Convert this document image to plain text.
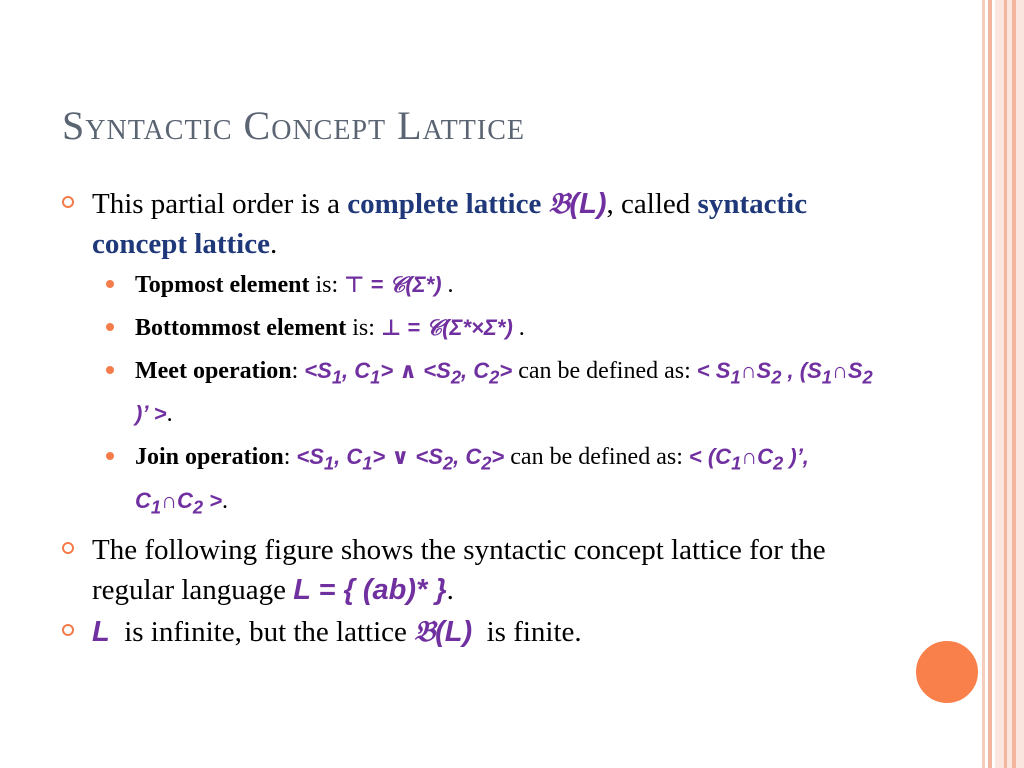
Syntactic Concept Lattice
This partial order is a complete lattice 𝔅(L), called syntactic concept lattice.
Topmost element is: ⊤ = 𝒞(Σ*) .
Bottommost element is: ⊥ = 𝒞(Σ*×Σ*) .
Meet operation: $<S_1$, $C_1>$ ∧ $<S_2$, $C_2>$ can be defined as: < $S_1\cap S_2$ , ($S_1\cap S_2$ )’ >.
Join operation: $<S_1$, $C_1>$ ∨ $<S_2$, $C_2>$ can be defined as: < ($C_1\cap C_2$ )’, $C_1\cap C_2$ >.
The following figure shows the syntactic concept lattice for the regular language L = { (ab)* }.
L  is infinite, but the lattice 𝔅(L)  is finite.
